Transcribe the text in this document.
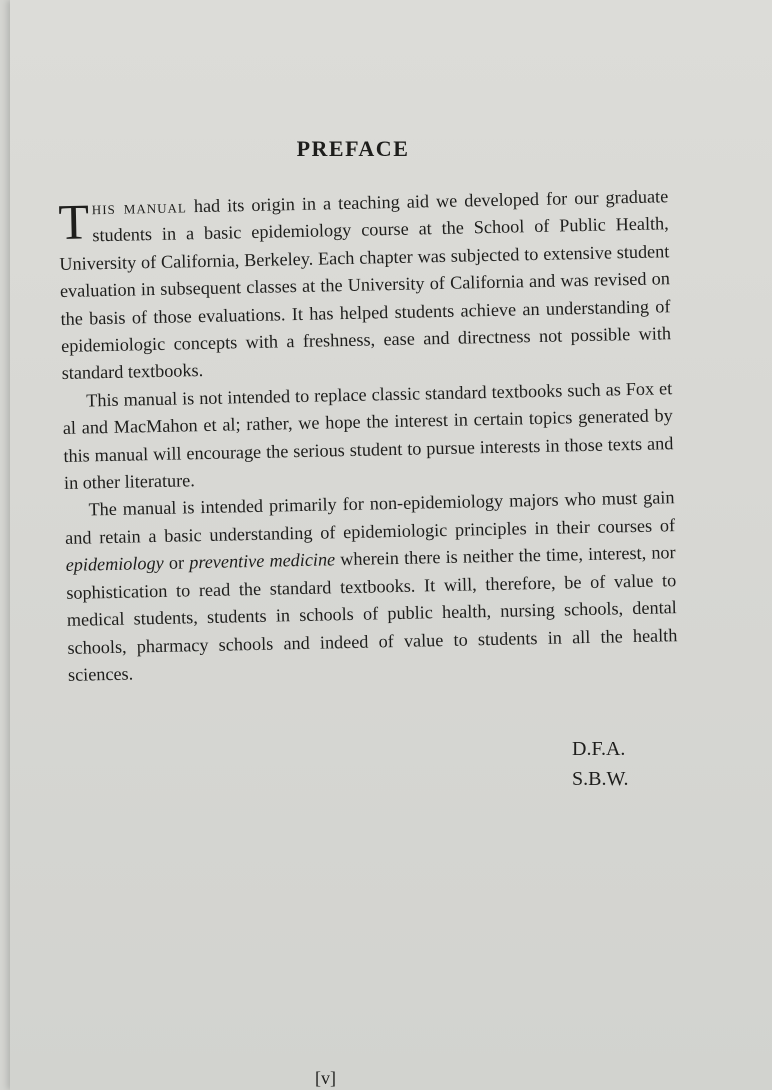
PREFACE

This manual had its origin in a teaching aid we developed for our graduate students in a basic epidemiology course at the School of Public Health, University of California, Berkeley. Each chapter was subjected to extensive student evaluation in subsequent classes at the University of California and was revised on the basis of those evaluations. It has helped students achieve an understanding of epidemiologic concepts with a freshness, ease and directness not possible with standard textbooks.

This manual is not intended to replace classic standard textbooks such as Fox et al and MacMahon et al; rather, we hope the interest in certain topics generated by this manual will encourage the serious student to pursue interests in those texts and in other literature.

The manual is intended primarily for non-epidemiology majors who must gain and retain a basic understanding of epidemiologic principles in their courses of epidemiology or preventive medicine wherein there is neither the time, interest, nor sophistication to read the standard textbooks. It will, therefore, be of value to medical students, students in schools of public health, nursing schools, dental schools, pharmacy schools and indeed of value to students in all the health sciences.

D.F.A.
S.B.W.
[v]
